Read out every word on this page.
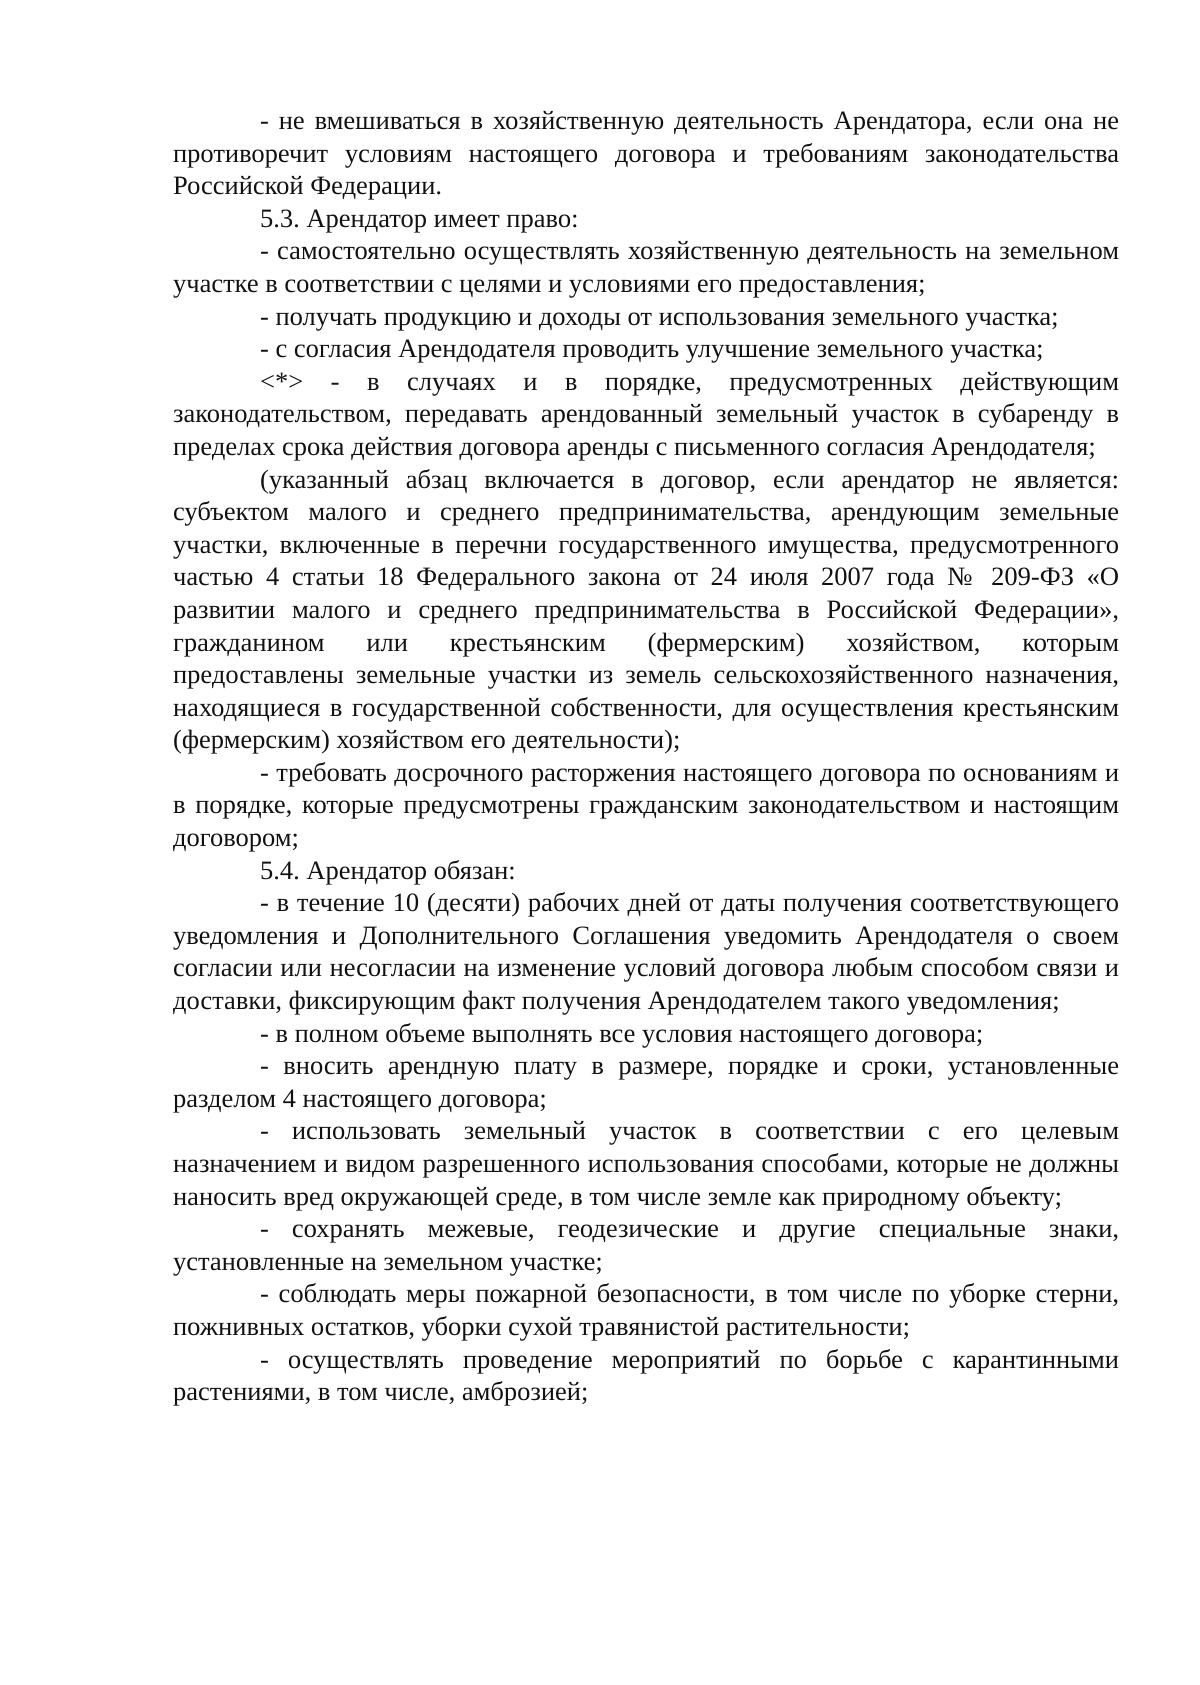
- не вмешиваться в хозяйственную деятельность Арендатора, если она не противоречит условиям настоящего договора и требованиям законодательства Российской Федерации.

5.3. Арендатор имеет право:

- самостоятельно осуществлять хозяйственную деятельность на земельном участке в соответствии с целями и условиями его предоставления;

- получать продукцию и доходы от использования земельного участка;

- с согласия Арендодателя проводить улучшение земельного участка;

<*> - в случаях и в порядке, предусмотренных действующим законодательством, передавать арендованный земельный участок в субаренду в пределах срока действия договора аренды с письменного согласия Арендодателя;

(указанный абзац включается в договор, если арендатор не является: субъектом малого и среднего предпринимательства, арендующим земельные участки, включенные в перечни государственного имущества, предусмотренного частью 4 статьи 18 Федерального закона от 24 июля 2007 года № 209-ФЗ «О развитии малого и среднего предпринимательства в Российской Федерации», гражданином или крестьянским (фермерским) хозяйством, которым предоставлены земельные участки из земель сельскохозяйственного назначения, находящиеся в государственной собственности, для осуществления крестьянским (фермерским) хозяйством его деятельности);

- требовать досрочного расторжения настоящего договора по основаниям и в порядке, которые предусмотрены гражданским законодательством и настоящим договором;

5.4. Арендатор обязан:

- в течение 10 (десяти) рабочих дней от даты получения соответствующего уведомления и Дополнительного Соглашения уведомить Арендодателя о своем согласии или несогласии на изменение условий договора любым способом связи и доставки, фиксирующим факт получения Арендодателем такого уведомления;

- в полном объеме выполнять все условия настоящего договора;

- вносить арендную плату в размере, порядке и сроки, установленные разделом 4 настоящего договора;

- использовать земельный участок в соответствии с его целевым назначением и видом разрешенного использования способами, которые не должны наносить вред окружающей среде, в том числе земле как природному объекту;

- сохранять межевые, геодезические и другие специальные знаки, установленные на земельном участке;

- соблюдать меры пожарной безопасности, в том числе по уборке стерни, пожнивных остатков, уборки сухой травянистой растительности;

- осуществлять проведение мероприятий по борьбе с карантинными растениями, в том числе, амброзией;
